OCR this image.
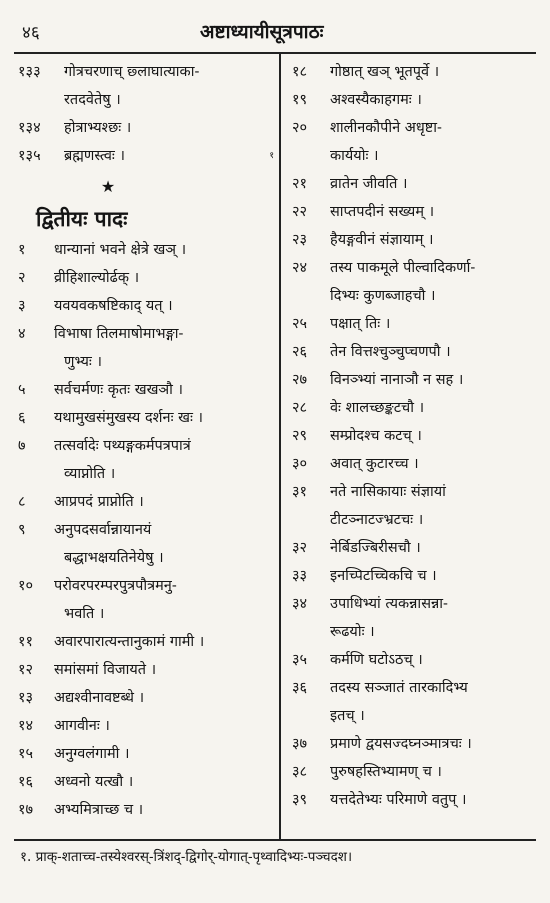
४६	अष्टाध्यायीसूत्रपाठः
१३३	गोत्रचरणाच् छ्लाघात्याका-
रतदवेतेषु ।
१३४	होत्राभ्यश्छः ।
१३५	ब्रह्मणस्त्वः ।	१
★
द्वितीयः पादः
१	धान्यानां भवने क्षेत्रे खञ् ।
२	व्रीहिशाल्योर्ढक् ।
३	यवयवकषष्टिकाद् यत् ।
४	विभाषा तिलमाषोमाभङ्गा-
णुभ्यः ।
५	सर्वचर्मणः कृतः खखञौ ।
६	यथामुखसंमुखस्य दर्शनः खः ।
७	तत्सर्वादेः पथ्यङ्गकर्मपत्रपात्रं
व्याप्नोति ।
८	आप्रपदं प्राप्नोति ।
९	अनुपदसर्वान्नायानयं
बद्धाभक्षयतिनेयेषु ।
१०	परोवरपरम्परपुत्रपौत्रमनु-
भवति ।
११	अवारपारात्यन्तानुकामं गामी ।
१२	समांसमां विजायते ।
१३	अद्यश्वीनावष्टब्धे ।
१४	आगवीनः ।
१५	अनुग्वलंगामी ।
१६	अध्वनो यत्खौ ।
१७	अभ्यमित्राच्छ च ।
१८	गोष्ठात् खञ् भूतपूर्वे ।
१९	अश्वस्यैकाहगमः ।
२०	शालीनकौपीने अधृष्टा-
कार्ययोः ।
२१	व्रातेन जीवति ।
२२	साप्तपदीनं सख्यम् ।
२३	हैयङ्गवीनं संज्ञायाम् ।
२४	तस्य पाकमूले पील्वादिकर्णा-
दिभ्यः कुणब्जाहचौ ।
२५	पक्षात् तिः ।
२६	तेन वित्तश्चुञ्चुप्चणपौ ।
२७	विनञ्भ्यां नानाञौ न सह ।
२८	वेः शालच्छङ्कटचौ ।
२९	सम्प्रोदश्च कटच् ।
३०	अवात् कुटारच्च ।
३१	नते नासिकायाः संज्ञायां
टीटञ्नाटज्भ्रटचः ।
३२	नेर्बिडज्बिरीसचौ ।
३३	इनच्पिटच्चिकचि च ।
३४	उपाधिभ्यां त्यकन्नासन्ना-
रूढयोः ।
३५	कर्मणि घटोऽठच् ।
३६	तदस्य सञ्जातं तारकादिभ्य
इतच् ।
३७	प्रमाणे द्वयसज्दघ्नञ्मात्रचः ।
३८	पुरुषहस्तिभ्यामण् च ।
३९	यत्तदेतेभ्यः परिमाणे वतुप् ।
१. प्राक्-शताच्च-तस्येश्वरस्-त्रिंशद्-द्विगोर्-योगात्-पृथ्वादिभ्यः-पञ्चदश।
